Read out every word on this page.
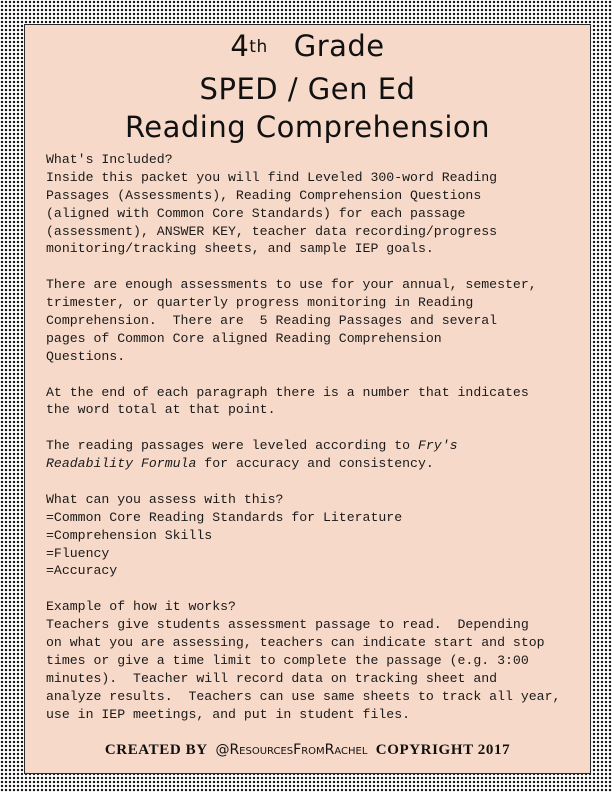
4th Grade
SPED / Gen Ed
Reading Comprehension
What's Included?
Inside this packet you will find Leveled 300-word Reading
Passages (Assessments), Reading Comprehension Questions
(aligned with Common Core Standards) for each passage
(assessment), ANSWER KEY, teacher data recording/progress
monitoring/tracking sheets, and sample IEP goals.
There are enough assessments to use for your annual, semester,
trimester, or quarterly progress monitoring in Reading
Comprehension.  There are  5 Reading Passages and several
pages of Common Core aligned Reading Comprehension
Questions.
At the end of each paragraph there is a number that indicates
the word total at that point.
The reading passages were leveled according to Fry's
Readability Formula for accuracy and consistency.
What can you assess with this?
=Common Core Reading Standards for Literature
=Comprehension Skills
=Fluency
=Accuracy
Example of how it works?
Teachers give students assessment passage to read.  Depending
on what you are assessing, teachers can indicate start and stop
times or give a time limit to complete the passage (e.g. 3:00
minutes).  Teacher will record data on tracking sheet and
analyze results.  Teachers can use same sheets to track all year,
use in IEP meetings, and put in student files.
CREATED BY @ResourcesFromRachel COPYRIGHT 2017
